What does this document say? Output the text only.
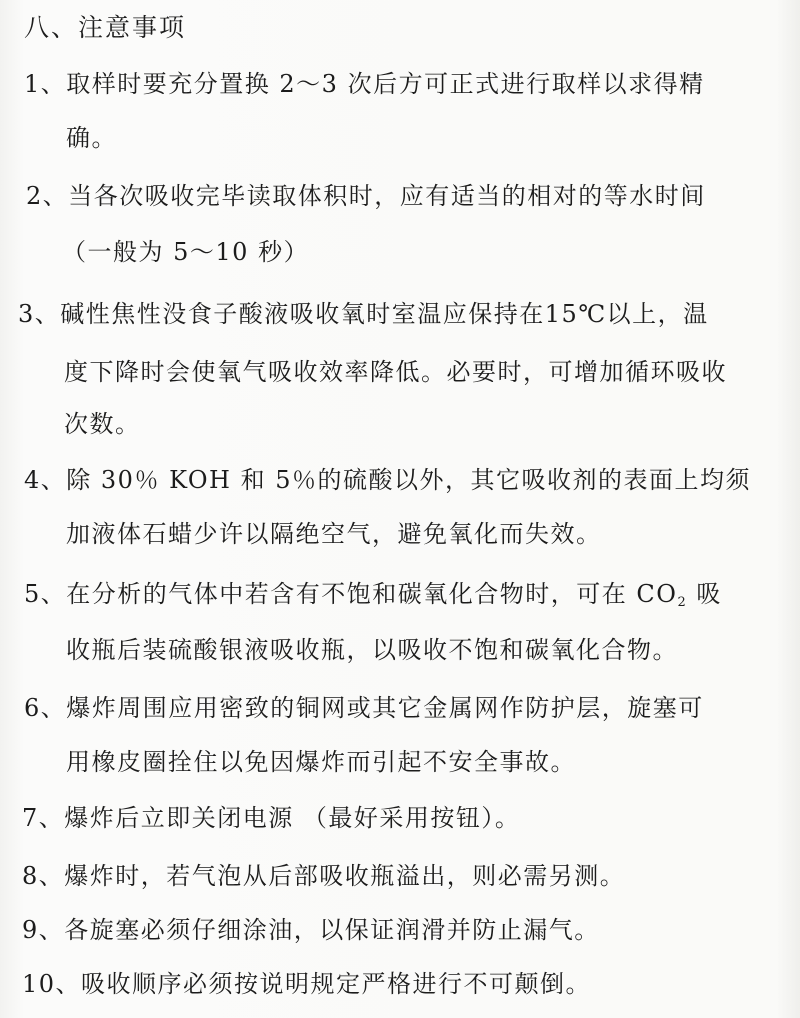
八、注意事项
1、取样时要充分置换 2～3 次后方可正式进行取样以求得精
确。
2、当各次吸收完毕读取体积时，应有适当的相对的等水时间
（一般为 5～10 秒）
3、碱性焦性没食子酸液吸收氧时室温应保持在15℃以上，温
度下降时会使氧气吸收效率降低。必要时，可增加循环吸收
次数。
4、除 30％ KOH 和 5％的硫酸以外，其它吸收剂的表面上均须
加液体石蜡少许以隔绝空气，避免氧化而失效。
5、在分析的气体中若含有不饱和碳氧化合物时，可在 $CO_2$ 吸
收瓶后装硫酸银液吸收瓶，以吸收不饱和碳氧化合物。
6、爆炸周围应用密致的铜网或其它金属网作防护层，旋塞可
用橡皮圈拴住以免因爆炸而引起不安全事故。
7、爆炸后立即关闭电源 （最好采用按钮）。
8、爆炸时，若气泡从后部吸收瓶溢出，则必需另测。
9、各旋塞必须仔细涂油，以保证润滑并防止漏气。
10、吸收顺序必须按说明规定严格进行不可颠倒。
